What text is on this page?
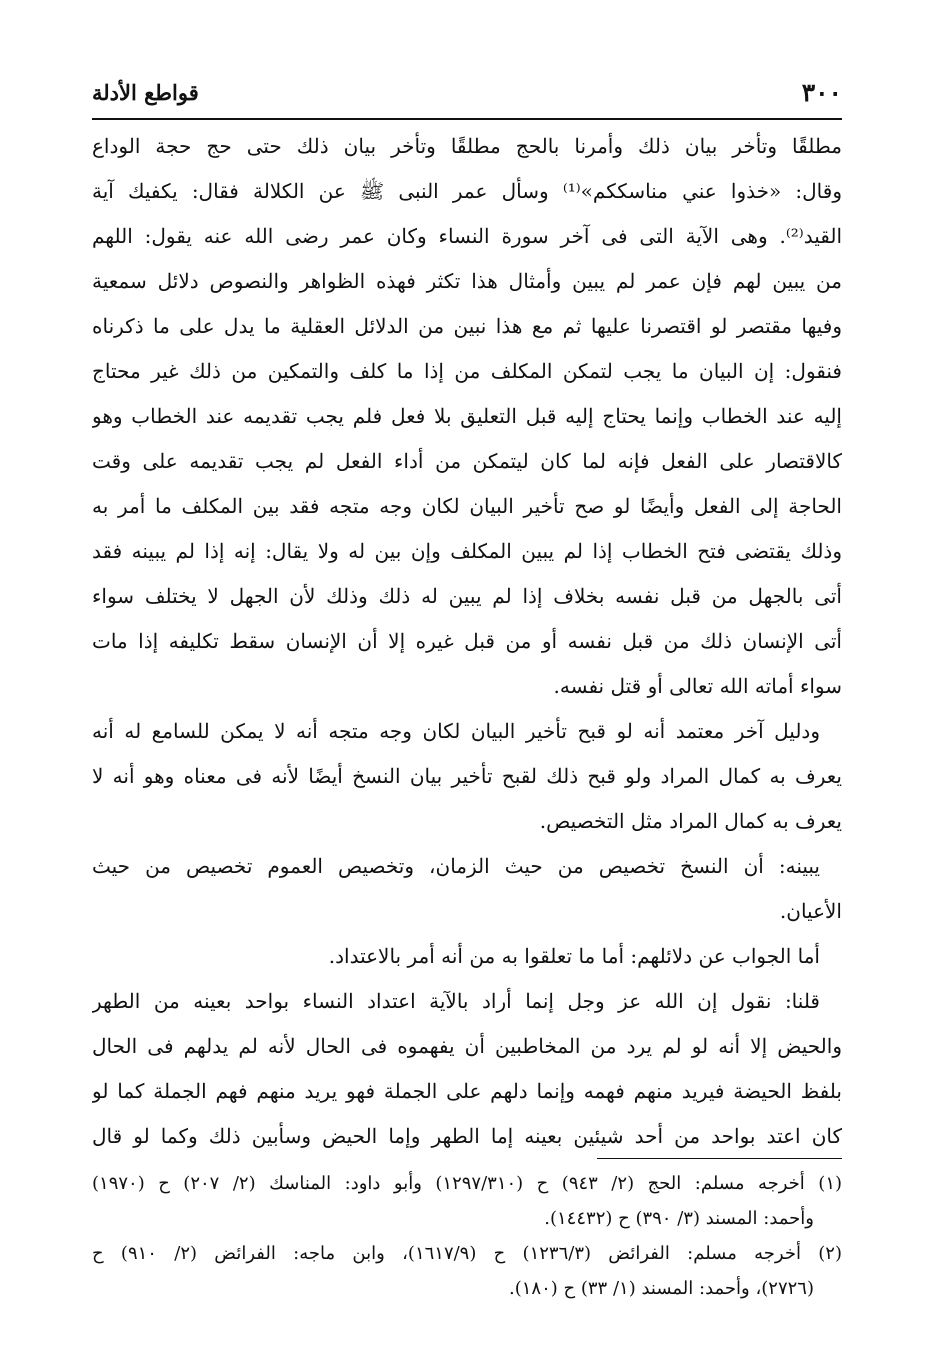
٣٠٠
قواطع الأدلة
مطلقًا وتأخر بيان ذلك وأمرنا بالحج مطلقًا وتأخر بيان ذلك حتى حج حجة الوداع
وقال: «خذوا عني مناسككم»⁽¹⁾ وسأل عمر النبى ﷺ عن الكلالة فقال: يكفيك آية
القيد⁽²⁾. وهى الآية التى فى آخر سورة النساء وكان عمر رضى الله عنه يقول: اللهم
من يبين لهم فإن عمر لم يبين وأمثال هذا تكثر فهذه الظواهر والنصوص دلائل سمعية
وفيها مقتصر لو اقتصرنا عليها ثم مع هذا نبين من الدلائل العقلية ما يدل على ما ذكرناه
فنقول: إن البيان ما يجب لتمكن المكلف من إذا ما كلف والتمكين من ذلك غير محتاج
إليه عند الخطاب وإنما يحتاج إليه قبل التعليق بلا فعل فلم يجب تقديمه عند الخطاب وهو
كالاقتصار على الفعل فإنه لما كان ليتمكن من أداء الفعل لم يجب تقديمه على وقت
الحاجة إلى الفعل وأيضًا لو صح تأخير البيان لكان وجه متجه فقد بين المكلف ما أمر به
وذلك يقتضى فتح الخطاب إذا لم يبين المكلف وإن بين له ولا يقال: إنه إذا لم يبينه فقد
أتى بالجهل من قبل نفسه بخلاف إذا لم يبين له ذلك وذلك لأن الجهل لا يختلف سواء
أتى الإنسان ذلك من قبل نفسه أو من قبل غيره إلا أن الإنسان سقط تكليفه إذا مات
سواء أماته الله تعالى أو قتل نفسه.
ودليل آخر معتمد أنه لو قبح تأخير البيان لكان وجه متجه أنه لا يمكن للسامع له أنه
يعرف به كمال المراد ولو قبح ذلك لقبح تأخير بيان النسخ أيضًا لأنه فى معناه وهو أنه لا
يعرف به كمال المراد مثل التخصيص.
يبينه: أن النسخ تخصيص من حيث الزمان، وتخصيص العموم تخصيص من حيث
الأعيان.
أما الجواب عن دلائلهم: أما ما تعلقوا به من أنه أمر بالاعتداد.
قلنا: نقول إن الله عز وجل إنما أراد بالآية اعتداد النساء بواحد بعينه من الطهر
والحيض إلا أنه لو لم يرد من المخاطبين أن يفهموه فى الحال لأنه لم يدلهم فى الحال
بلفظ الحيضة فيريد منهم فهمه وإنما دلهم على الجملة فهو يريد منهم فهم الجملة كما لو
كان اعتد بواحد من أحد شيئين بعينه إما الطهر وإما الحيض وسأبين ذلك وكما لو قال
(١) أخرجه مسلم: الحج (٢/ ٩٤٣) ح (١٢٩٧/٣١٠) وأبو داود: المناسك (٢/ ٢٠٧) ح (١٩٧٠)
وأحمد: المسند (٣/ ٣٩٠) ح (١٤٤٣٢).
(٢) أخرجه مسلم: الفرائض (١٢٣٦/٣) ح (١٦١٧/٩)، وابن ماجه: الفرائض (٢/ ٩١٠) ح
(٢٧٢٦)، وأحمد: المسند (١/ ٣٣) ح (١٨٠).
